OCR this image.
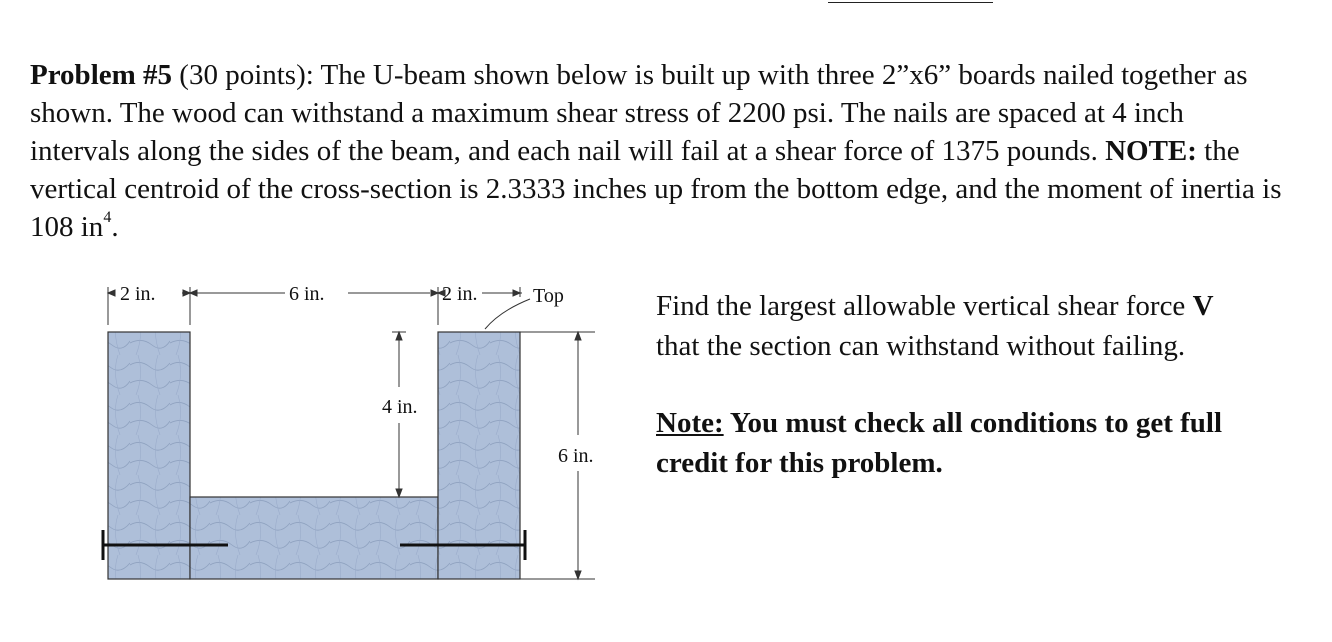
Problem #5 (30 points): The U-beam shown below is built up with three 2”x6” boards nailed together as shown. The wood can withstand a maximum shear stress of 2200 psi. The nails are spaced at 4 inch intervals along the sides of the beam, and each nail will fail at a shear force of 1375 pounds. NOTE: the vertical centroid of the cross-section is 2.3333 inches up from the bottom edge, and the moment of inertia is 108 $in^4$.

2 in.	6 in.	2 in.	Top
4 in.
6 in.

Find the largest allowable vertical shear force V
that the section can withstand without failing.

Note: You must check all conditions to get full credit for this problem.
